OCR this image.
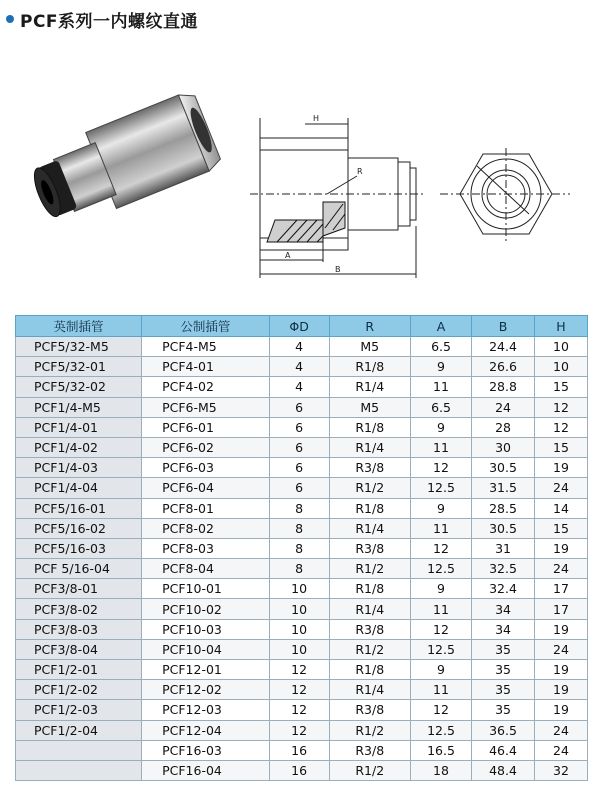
PCF系列一内螺纹直通
H
R
A
B
英制插管	公制插管	ΦD	R	A	B	H
PCF5/32-M5	PCF4-M5	4	M5	6.5	24.4	10
PCF5/32-01	PCF4-01	4	R1/8	9	26.6	10
PCF5/32-02	PCF4-02	4	R1/4	11	28.8	15
PCF1/4-M5	PCF6-M5	6	M5	6.5	24	12
PCF1/4-01	PCF6-01	6	R1/8	9	28	12
PCF1/4-02	PCF6-02	6	R1/4	11	30	15
PCF1/4-03	PCF6-03	6	R3/8	12	30.5	19
PCF1/4-04	PCF6-04	6	R1/2	12.5	31.5	24
PCF5/16-01	PCF8-01	8	R1/8	9	28.5	14
PCF5/16-02	PCF8-02	8	R1/4	11	30.5	15
PCF5/16-03	PCF8-03	8	R3/8	12	31	19
PCF 5/16-04	PCF8-04	8	R1/2	12.5	32.5	24
PCF3/8-01	PCF10-01	10	R1/8	9	32.4	17
PCF3/8-02	PCF10-02	10	R1/4	11	34	17
PCF3/8-03	PCF10-03	10	R3/8	12	34	19
PCF3/8-04	PCF10-04	10	R1/2	12.5	35	24
PCF1/2-01	PCF12-01	12	R1/8	9	35	19
PCF1/2-02	PCF12-02	12	R1/4	11	35	19
PCF1/2-03	PCF12-03	12	R3/8	12	35	19
PCF1/2-04	PCF12-04	12	R1/2	12.5	36.5	24
	PCF16-03	16	R3/8	16.5	46.4	24
	PCF16-04	16	R1/2	18	48.4	32
